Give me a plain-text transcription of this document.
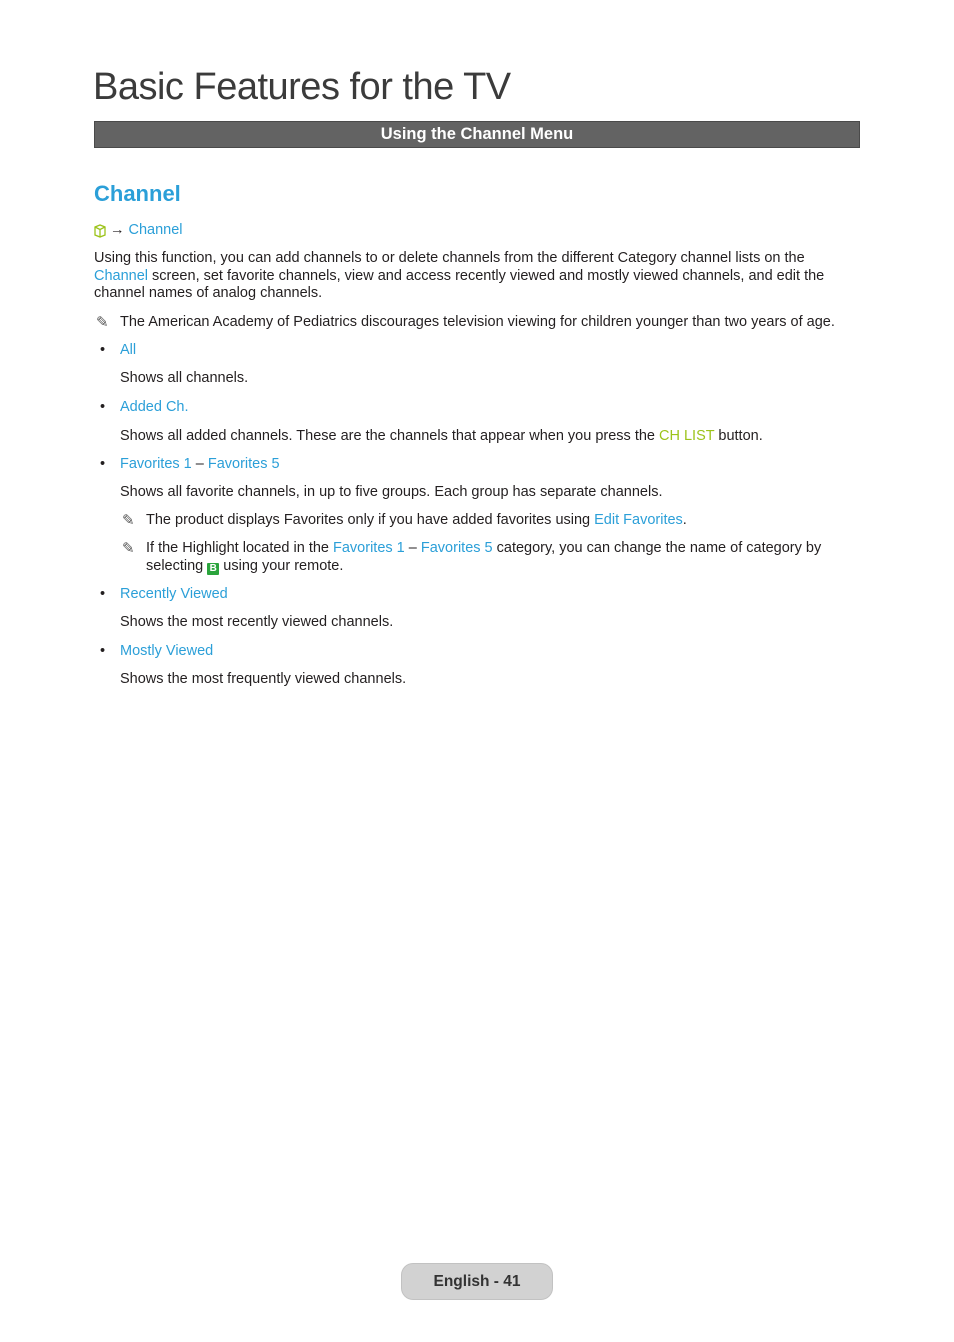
Basic Features for the TV
Using the Channel Menu
Channel
→ Channel

Using this function, you can add channels to or delete channels from the different Category channel lists on the Channel screen, set favorite channels, view and access recently viewed and mostly viewed channels, and edit the channel names of analog channels.

✎ The American Academy of Pediatrics discourages television viewing for children younger than two years of age.
• All

Shows all channels.

• Added Ch.

Shows all added channels. These are the channels that appear when you press the CH LIST button.

• Favorites 1 – Favorites 5

Shows all favorite channels, in up to five groups. Each group has separate channels.

✎ The product displays Favorites only if you have added favorites using Edit Favorites.
✎ If the Highlight located in the Favorites 1 – Favorites 5 category, you can change the name of category by selecting B using your remote.
• Recently Viewed

Shows the most recently viewed channels.

• Mostly Viewed

Shows the most frequently viewed channels.

English - 41
